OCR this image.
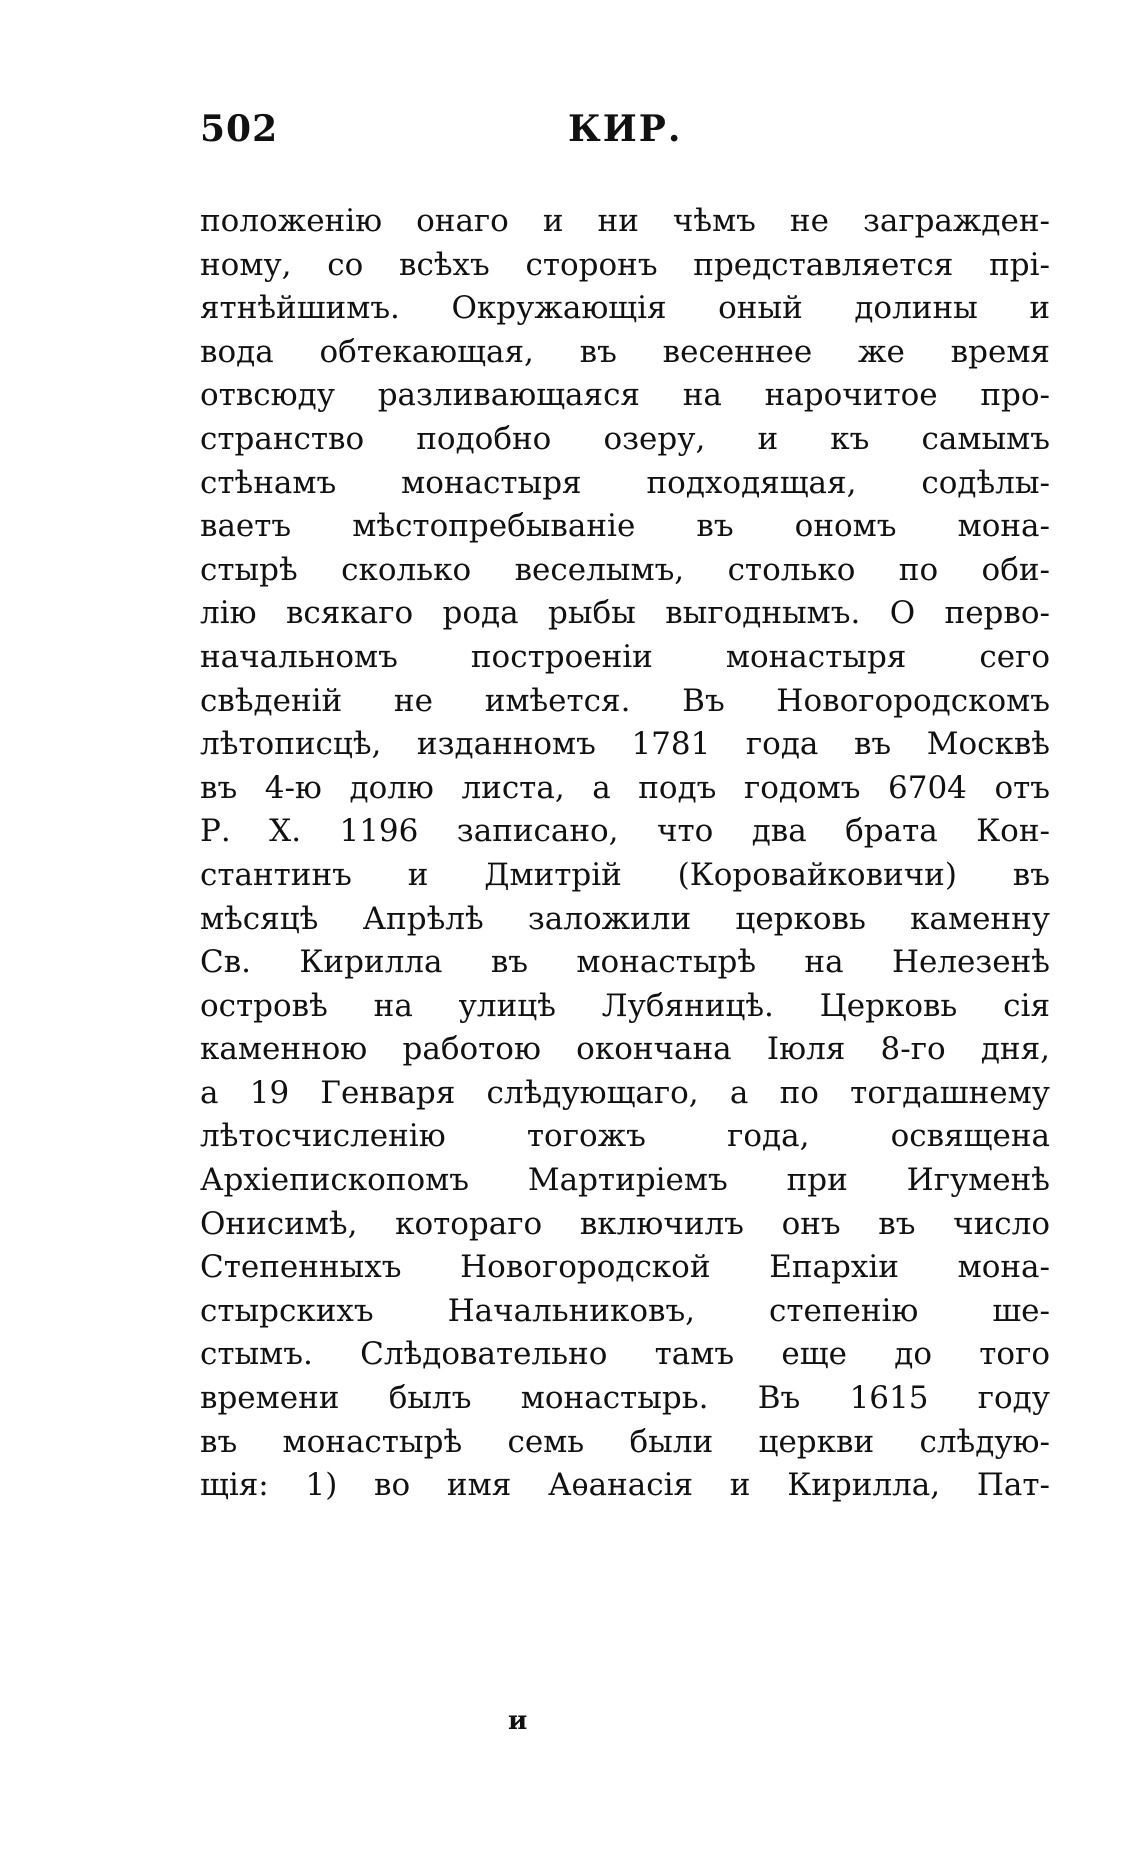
502	КИР.
положенію онаго и ни чѣмъ не загражден-
ному, со всѣхъ сторонъ представляется прі-
ятнѣйшимъ. Окружающія оный долины и
вода обтекающая, въ весеннее же время
отвсюду разливающаяся на нарочитое про-
странство подобно озеру, и къ самымъ
стѣнамъ монастыря подходящая, содѣлы-
ваетъ мѣстопребываніе въ ономъ мона-
стырѣ сколько веселымъ, столько по оби-
лію всякаго рода рыбы выгоднымъ. О перво-
начальномъ построеніи монастыря сего
свѣденій не имѣется. Въ Новогородскомъ
лѣтописцѣ, изданномъ 1781 года въ Москвѣ
въ 4-ю долю листа, а подъ годомъ 6704 отъ
Р. Х. 1196 записано, что два брата Кон-
стантинъ и Дмитрій (Коровайковичи) въ
мѣсяцѣ Апрѣлѣ заложили церковь каменну
Св. Кирилла въ монастырѣ на Нелезенѣ
островѣ на улицѣ Лубяницѣ. Церковь сія
каменною работою окончана Іюля 8-го дня,
а 19 Генваря слѣдующаго, а по тогдашнему
лѣтосчисленію тогожъ года, освящена
Архіепископомъ Мартиріемъ при Игуменѣ
Онисимѣ, котораго включилъ онъ въ число
Степенныхъ Новогородской Епархіи мона-
стырскихъ Начальниковъ, степенію ше-
стымъ. Слѣдовательно тамъ еще до того
времени былъ монастырь. Въ 1615 году
въ монастырѣ семь были церкви слѣдую-
щія: 1) во имя Аѳанасія и Кирилла, Пат-
и
